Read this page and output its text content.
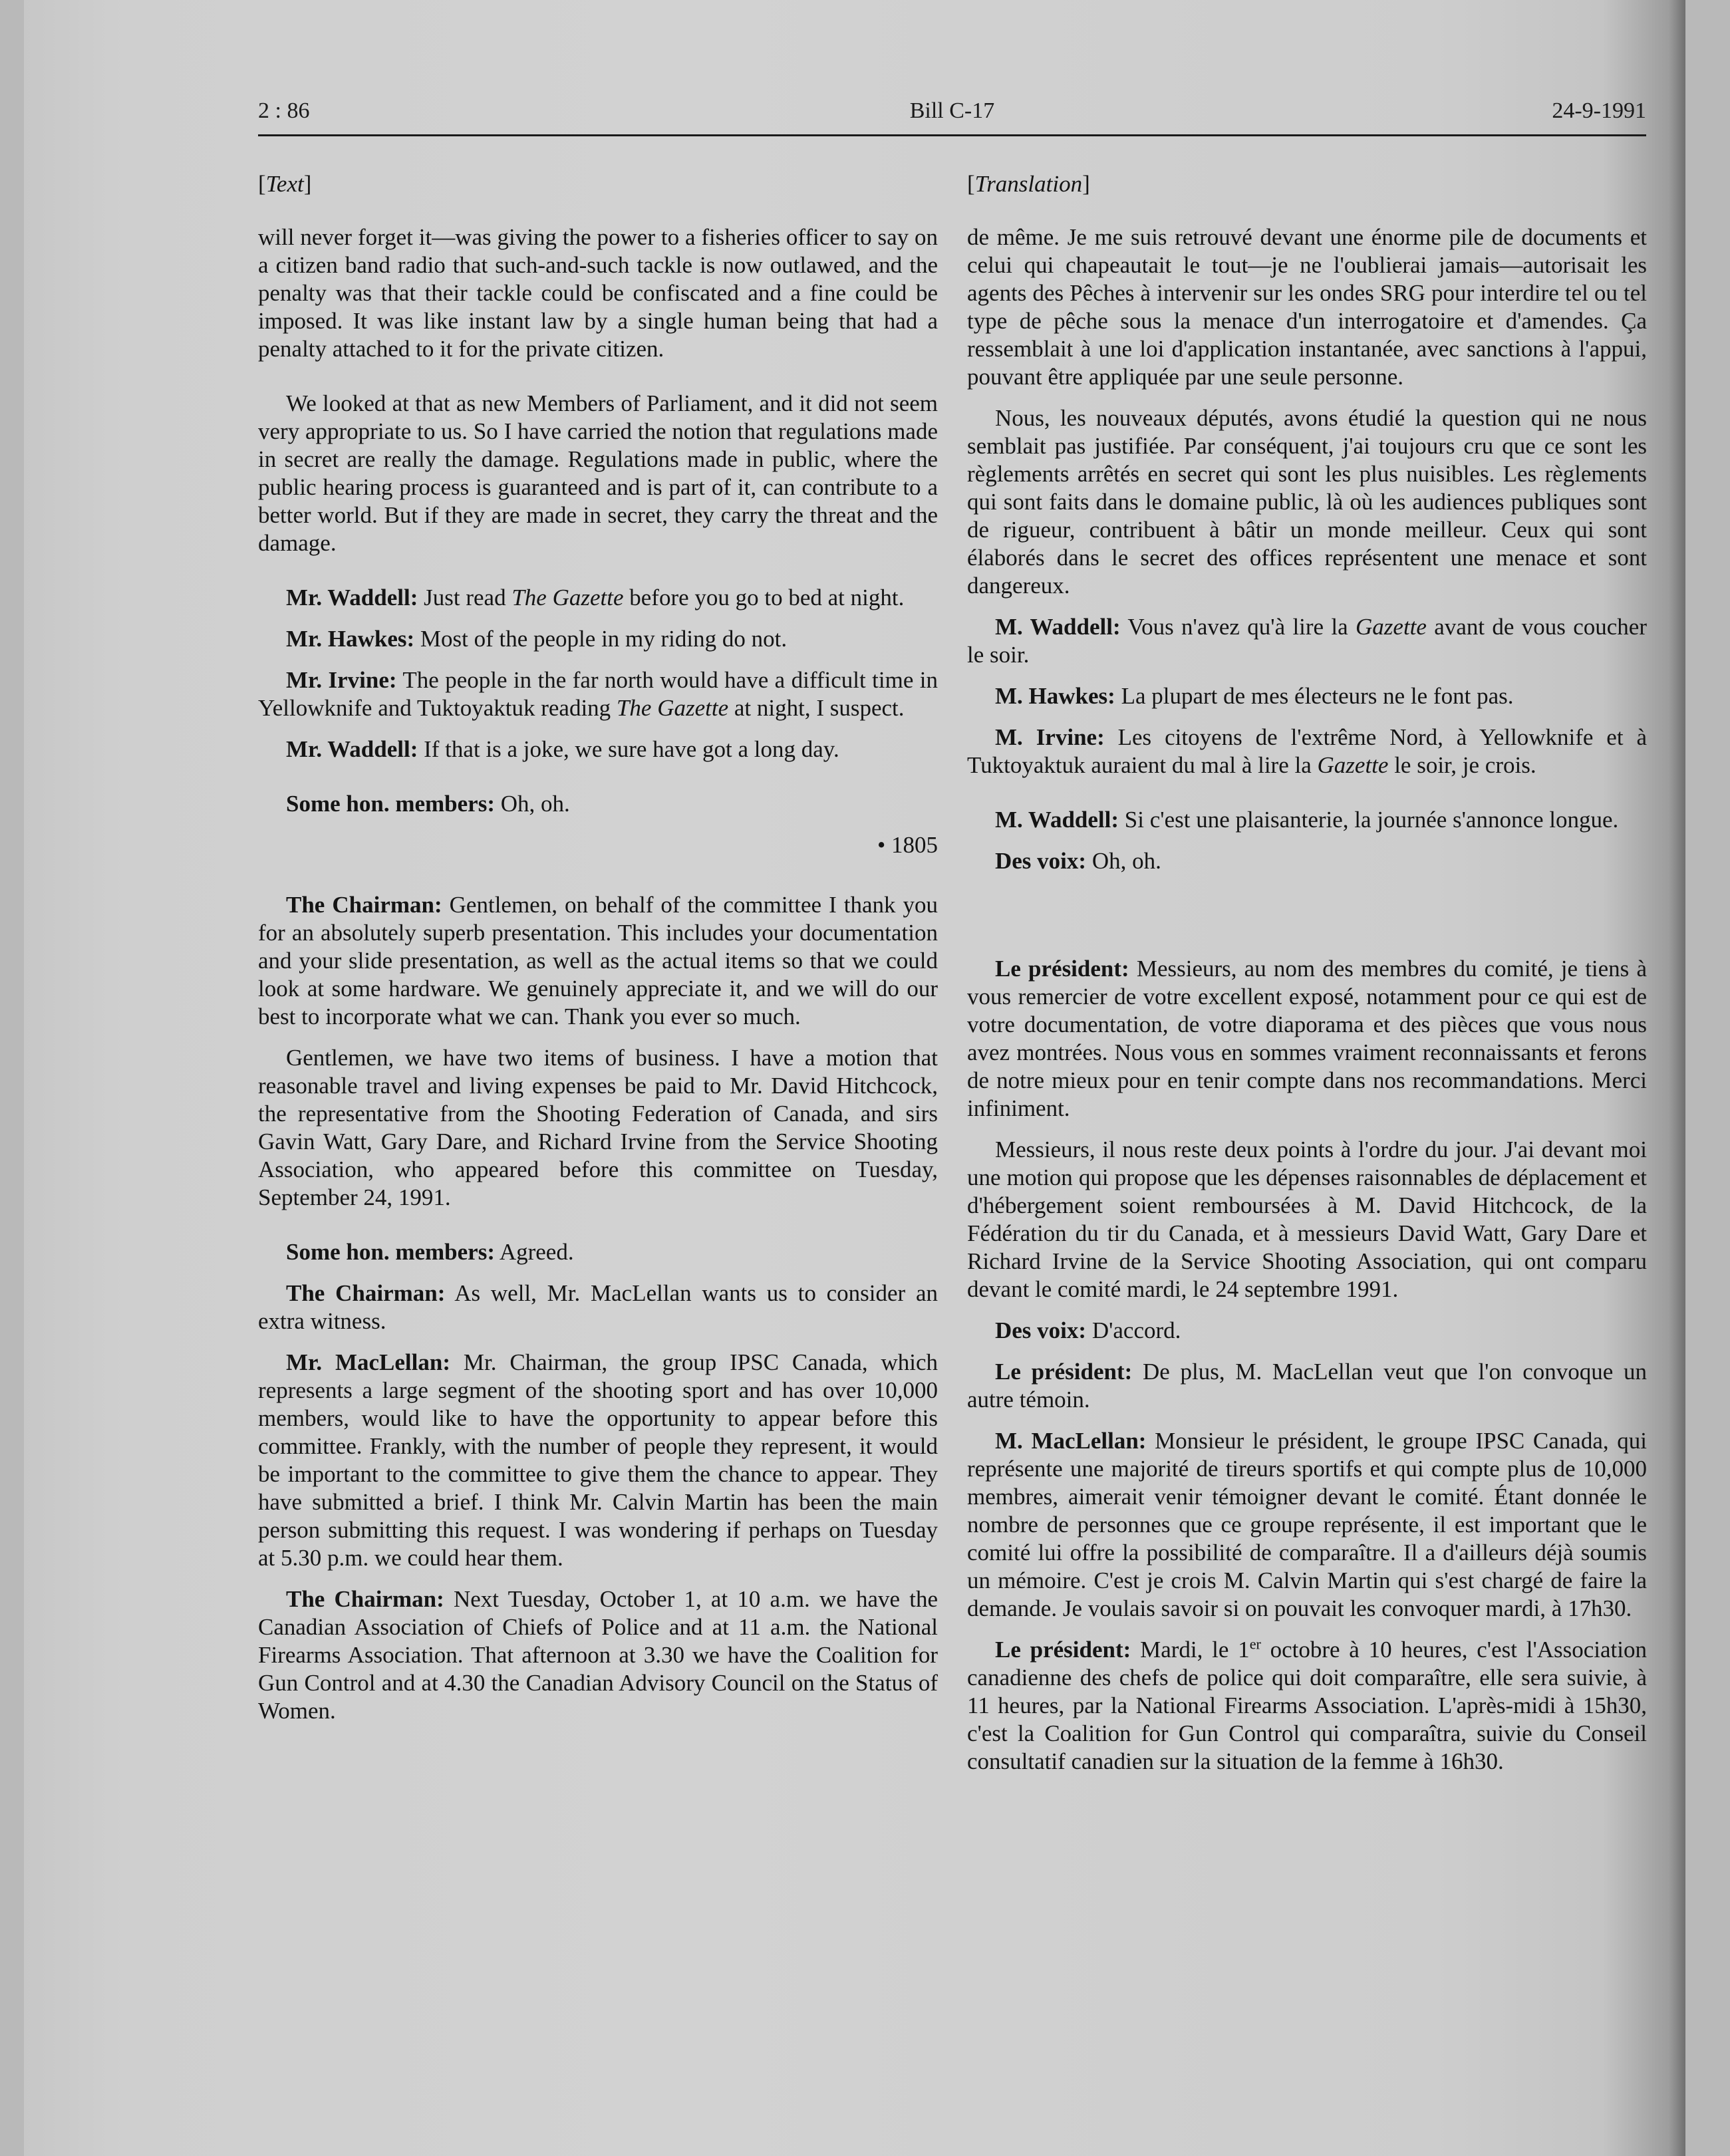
2 : 86	Bill C-17	24-9-1991

[Text]

will never forget it—was giving the power to a fisheries officer to say on a citizen band radio that such-and-such tackle is now outlawed, and the penalty was that their tackle could be confiscated and a fine could be imposed. It was like instant law by a single human being that had a penalty attached to it for the private citizen.

We looked at that as new Members of Parliament, and it did not seem very appropriate to us. So I have carried the notion that regulations made in secret are really the damage. Regulations made in public, where the public hearing process is guaranteed and is part of it, can contribute to a better world. But if they are made in secret, they carry the threat and the damage.

Mr. Waddell: Just read The Gazette before you go to bed at night.

Mr. Hawkes: Most of the people in my riding do not.

Mr. Irvine: The people in the far north would have a difficult time in Yellowknife and Tuktoyaktuk reading The Gazette at night, I suspect.

Mr. Waddell: If that is a joke, we sure have got a long day.

Some hon. members: Oh, oh.

• 1805

The Chairman: Gentlemen, on behalf of the committee I thank you for an absolutely superb presentation. This includes your documentation and your slide presentation, as well as the actual items so that we could look at some hardware. We genuinely appreciate it, and we will do our best to incorporate what we can. Thank you ever so much.

Gentlemen, we have two items of business. I have a motion that reasonable travel and living expenses be paid to Mr. David Hitchcock, the representative from the Shooting Federation of Canada, and sirs Gavin Watt, Gary Dare, and Richard Irvine from the Service Shooting Association, who appeared before this committee on Tuesday, September 24, 1991.

Some hon. members: Agreed.

The Chairman: As well, Mr. MacLellan wants us to consider an extra witness.

Mr. MacLellan: Mr. Chairman, the group IPSC Canada, which represents a large segment of the shooting sport and has over 10,000 members, would like to have the opportunity to appear before this committee. Frankly, with the number of people they represent, it would be important to the committee to give them the chance to appear. They have submitted a brief. I think Mr. Calvin Martin has been the main person submitting this request. I was wondering if perhaps on Tuesday at 5.30 p.m. we could hear them.

The Chairman: Next Tuesday, October 1, at 10 a.m. we have the Canadian Association of Chiefs of Police and at 11 a.m. the National Firearms Association. That afternoon at 3.30 we have the Coalition for Gun Control and at 4.30 the Canadian Advisory Council on the Status of Women.

[Translation]

de même. Je me suis retrouvé devant une énorme pile de documents et celui qui chapeautait le tout—je ne l'oublierai jamais—autorisait les agents des Pêches à intervenir sur les ondes SRG pour interdire tel ou tel type de pêche sous la menace d'un interrogatoire et d'amendes. Ça ressemblait à une loi d'application instantanée, avec sanctions à l'appui, pouvant être appliquée par une seule personne.

Nous, les nouveaux députés, avons étudié la question qui ne nous semblait pas justifiée. Par conséquent, j'ai toujours cru que ce sont les règlements arrêtés en secret qui sont les plus nuisibles. Les règlements qui sont faits dans le domaine public, là où les audiences publiques sont de rigueur, contribuent à bâtir un monde meilleur. Ceux qui sont élaborés dans le secret des offices représentent une menace et sont dangereux.

M. Waddell: Vous n'avez qu'à lire la Gazette avant de vous coucher le soir.

M. Hawkes: La plupart de mes électeurs ne le font pas.

M. Irvine: Les citoyens de l'extrême Nord, à Yellowknife et à Tuktoyaktuk auraient du mal à lire la Gazette le soir, je crois.

M. Waddell: Si c'est une plaisanterie, la journée s'annonce longue.

Des voix: Oh, oh.

Le président: Messieurs, au nom des membres du comité, je tiens à vous remercier de votre excellent exposé, notamment pour ce qui est de votre documentation, de votre diaporama et des pièces que vous nous avez montrées. Nous vous en sommes vraiment reconnaissants et ferons de notre mieux pour en tenir compte dans nos recommandations. Merci infiniment.

Messieurs, il nous reste deux points à l'ordre du jour. J'ai devant moi une motion qui propose que les dépenses raisonnables de déplacement et d'hébergement soient remboursées à M. David Hitchcock, de la Fédération du tir du Canada, et à messieurs David Watt, Gary Dare et Richard Irvine de la Service Shooting Association, qui ont comparu devant le comité mardi, le 24 septembre 1991.

Des voix: D'accord.

Le président: De plus, M. MacLellan veut que l'on convoque un autre témoin.

M. MacLellan: Monsieur le président, le groupe IPSC Canada, qui représente une majorité de tireurs sportifs et qui compte plus de 10,000 membres, aimerait venir témoigner devant le comité. Étant donnée le nombre de personnes que ce groupe représente, il est important que le comité lui offre la possibilité de comparaître. Il a d'ailleurs déjà soumis un mémoire. C'est je crois M. Calvin Martin qui s'est chargé de faire la demande. Je voulais savoir si on pouvait les convoquer mardi, à 17h30.

Le président: Mardi, le 1er octobre à 10 heures, c'est l'Association canadienne des chefs de police qui doit comparaître, elle sera suivie, à 11 heures, par la National Firearms Association. L'après-midi à 15h30, c'est la Coalition for Gun Control qui comparaîtra, suivie du Conseil consultatif canadien sur la situation de la femme à 16h30.
